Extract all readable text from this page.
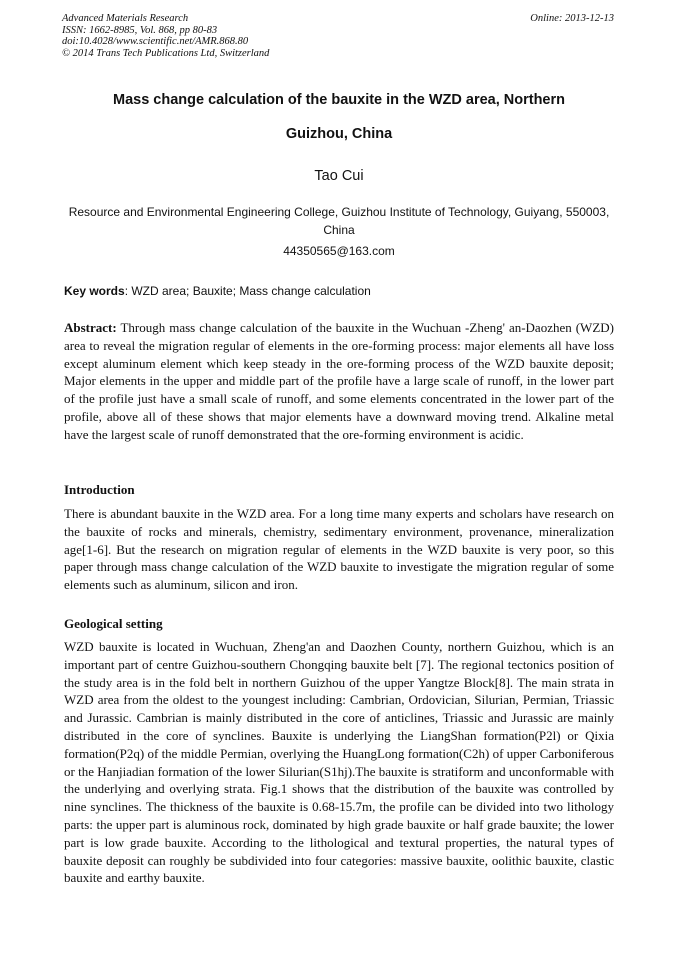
Advanced Materials Research
ISSN: 1662-8985, Vol. 868, pp 80-83
doi:10.4028/www.scientific.net/AMR.868.80
© 2014 Trans Tech Publications Ltd, Switzerland
Online: 2013-12-13
Mass change calculation of the bauxite in the WZD area, Northern
Guizhou, China
Tao Cui
Resource and Environmental Engineering College, Guizhou Institute of Technology, Guiyang, 550003, China
44350565@163.com
Key words: WZD area; Bauxite; Mass change calculation
Abstract: Through mass change calculation of the bauxite in the Wuchuan -Zheng' an-Daozhen (WZD) area to reveal the migration regular of elements in the ore-forming process: major elements all have loss except aluminum element which keep steady in the ore-forming process of the WZD bauxite deposit; Major elements in the upper and middle part of the profile have a large scale of runoff, in the lower part of the profile just have a small scale of runoff, and some elements concentrated in the lower part of the profile, above all of these shows that major elements have a downward moving trend. Alkaline metal have the largest scale of runoff demonstrated that the ore-forming environment is acidic.
Introduction
There is abundant bauxite in the WZD area. For a long time many experts and scholars have research on the bauxite of rocks and minerals, chemistry, sedimentary environment, provenance, mineralization age[1-6]. But the research on migration regular of elements in the WZD bauxite is very poor, so this paper through mass change calculation of the WZD bauxite to investigate the migration regular of some elements such as aluminum, silicon and iron.
Geological setting
WZD bauxite is located in Wuchuan, Zheng'an and Daozhen County, northern Guizhou, which is an important part of centre Guizhou-southern Chongqing bauxite belt [7]. The regional tectonics position of the study area is in the fold belt in northern Guizhou of the upper Yangtze Block[8]. The main strata in WZD area from the oldest to the youngest including: Cambrian, Ordovician, Silurian, Permian, Triassic and Jurassic. Cambrian is mainly distributed in the core of anticlines, Triassic and Jurassic are mainly distributed in the core of synclines. Bauxite is underlying the LiangShan formation(P2l) or Qixia formation(P2q) of the middle Permian, overlying the HuangLong formation(C2h) of upper Carboniferous or the Hanjiadian formation of the lower Silurian(S1hj).The bauxite is stratiform and unconformable with the underlying and overlying strata. Fig.1 shows that the distribution of the bauxite was controlled by nine synclines. The thickness of the bauxite is 0.68-15.7m, the profile can be divided into two lithology parts: the upper part is aluminous rock, dominated by high grade bauxite or half grade bauxite; the lower part is low grade bauxite. According to the lithological and textural properties, the natural types of bauxite deposit can roughly be subdivided into four categories: massive bauxite, oolithic bauxite, clastic bauxite and earthy bauxite.
